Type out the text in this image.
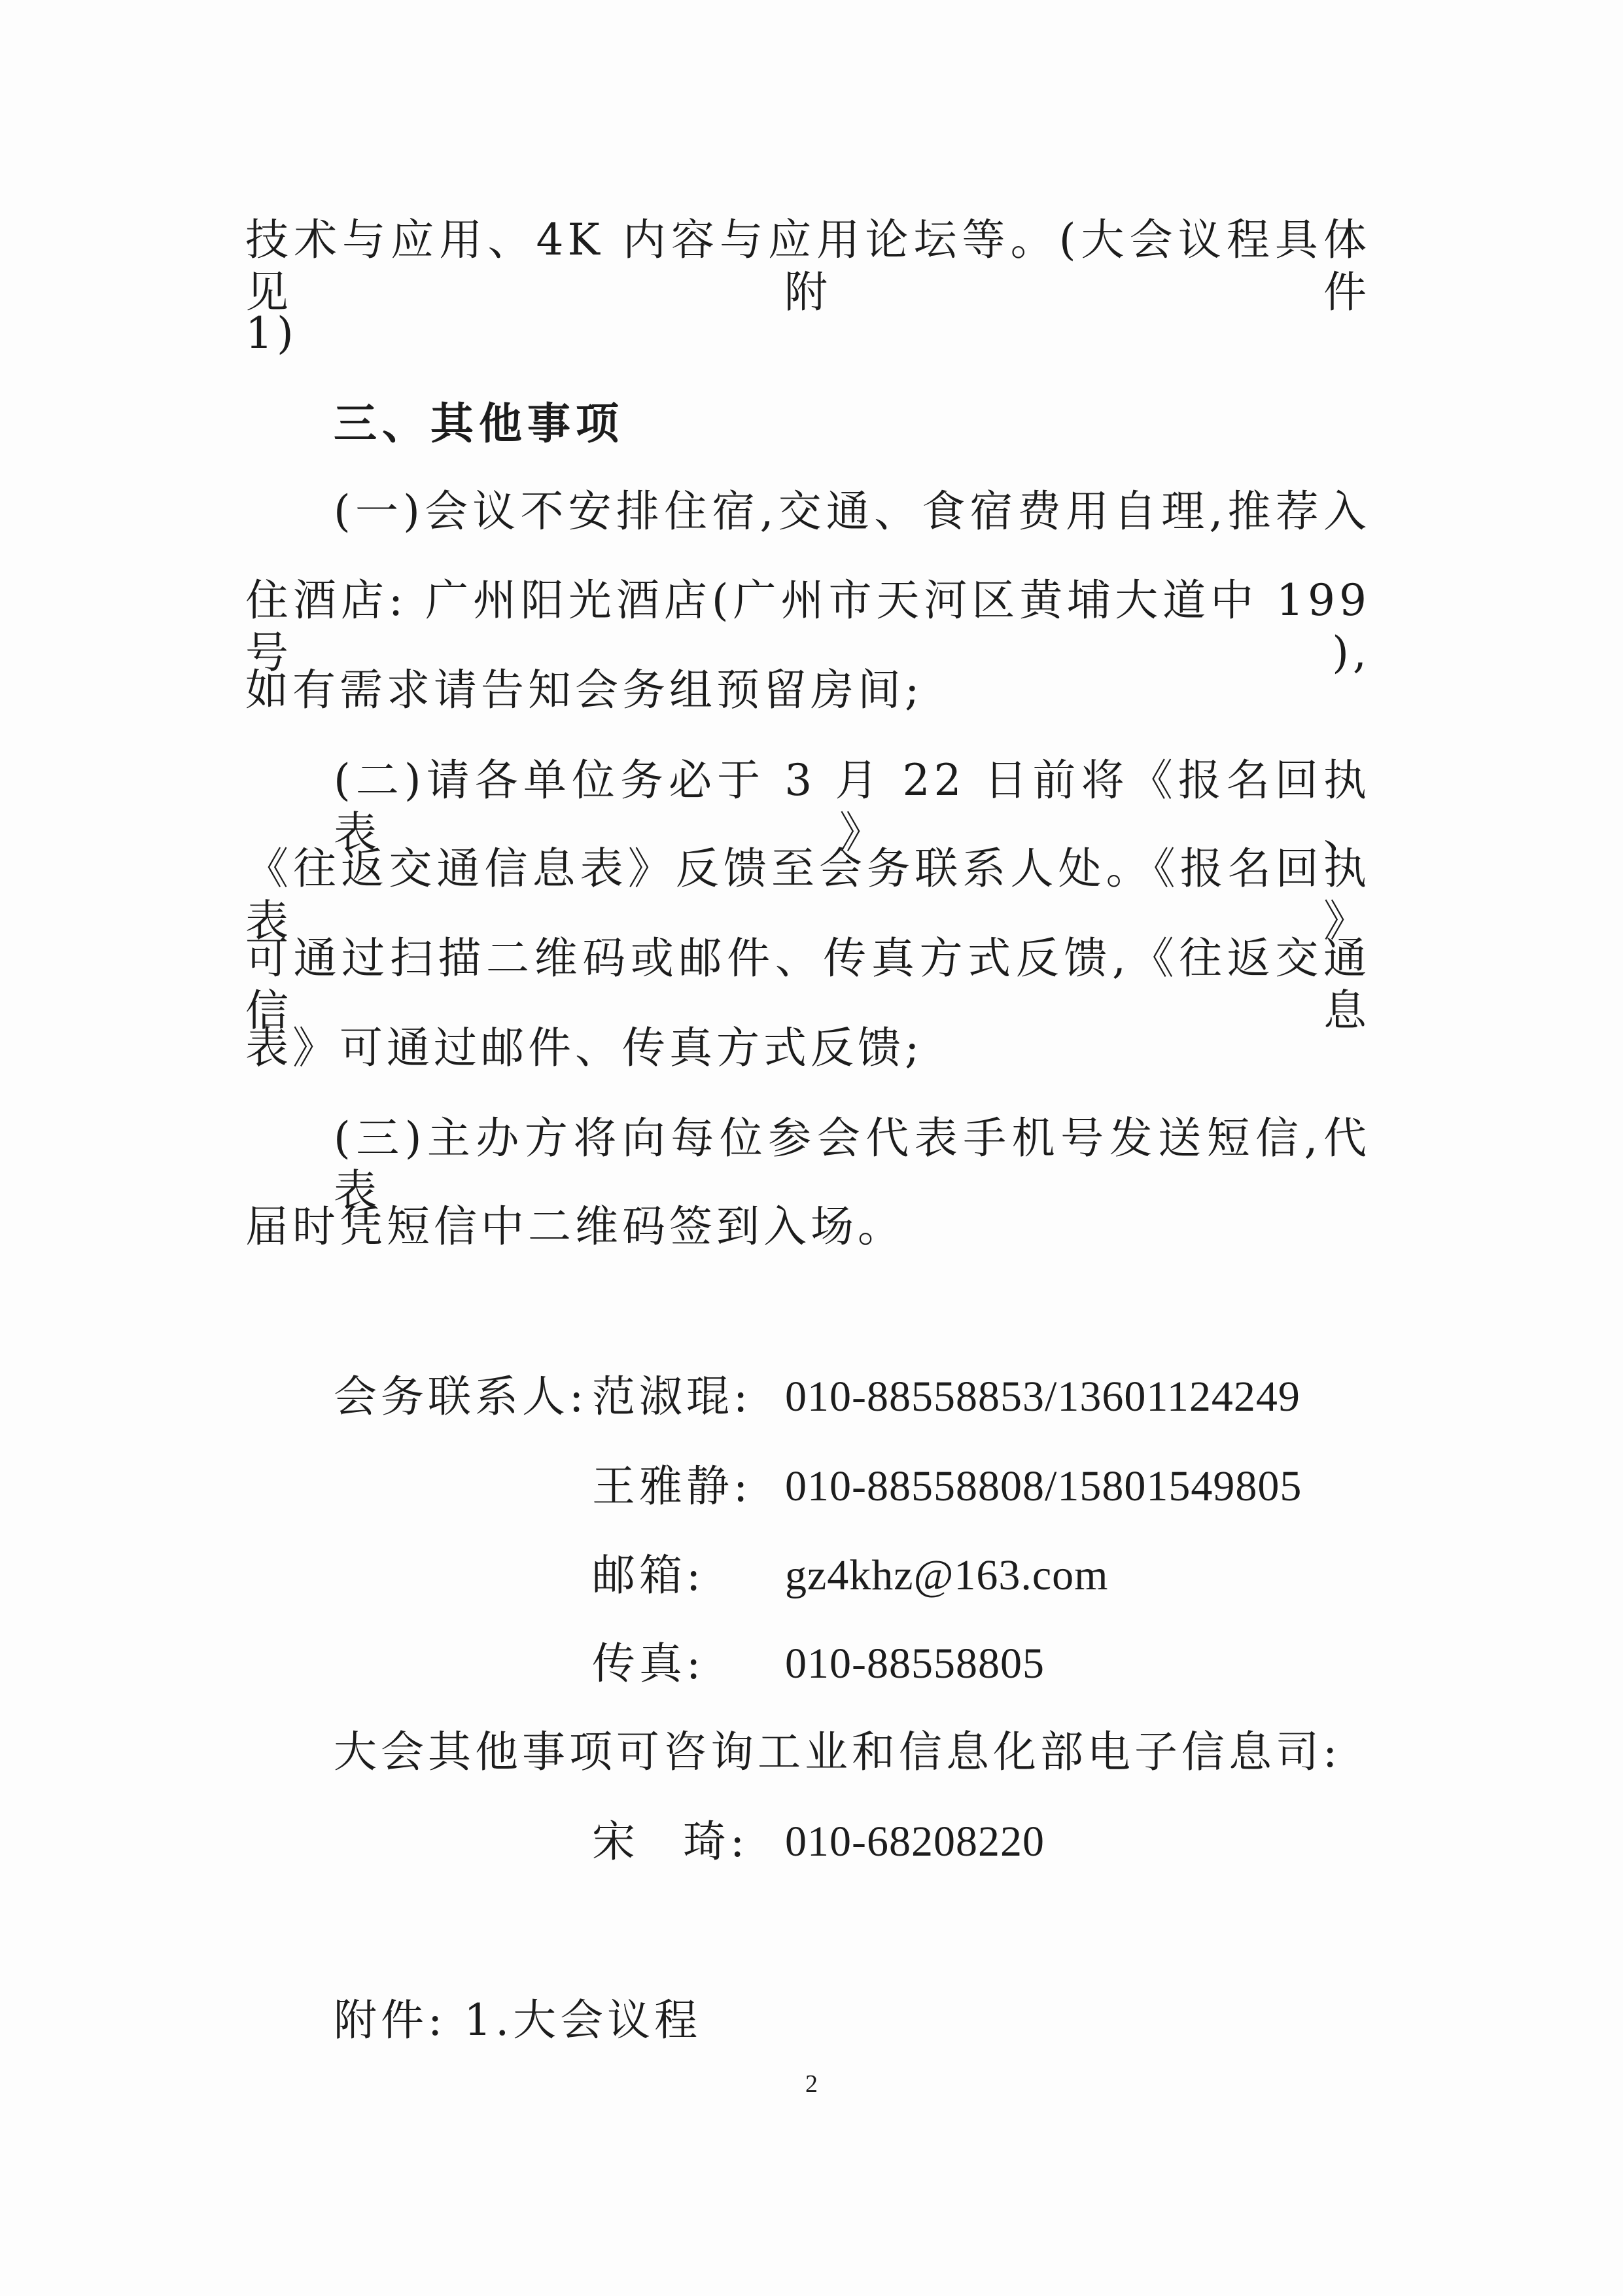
技术与应用、4K 内容与应用论坛等。(大会议程具体见附件
1)
三、其他事项
(一)会议不安排住宿,交通、食宿费用自理,推荐入
住酒店: 广州阳光酒店(广州市天河区黄埔大道中 199 号),
如有需求请告知会务组预留房间;
(二)请各单位务必于 3 月 22 日前将《报名回执表》、
《往返交通信息表》反馈至会务联系人处。《报名回执表》
可通过扫描二维码或邮件、传真方式反馈,《往返交通信息
表》可通过邮件、传真方式反馈;
(三)主办方将向每位参会代表手机号发送短信,代表
届时凭短信中二维码签到入场。
会务联系人: 范淑琨: 010-88558853/13601124249
王雅静: 010-88558808/15801549805
邮箱: gz4khz@163.com
传真: 010-88558805
大会其他事项可咨询工业和信息化部电子信息司:
宋 琦: 010-68208220
附件: 1.大会议程
2
